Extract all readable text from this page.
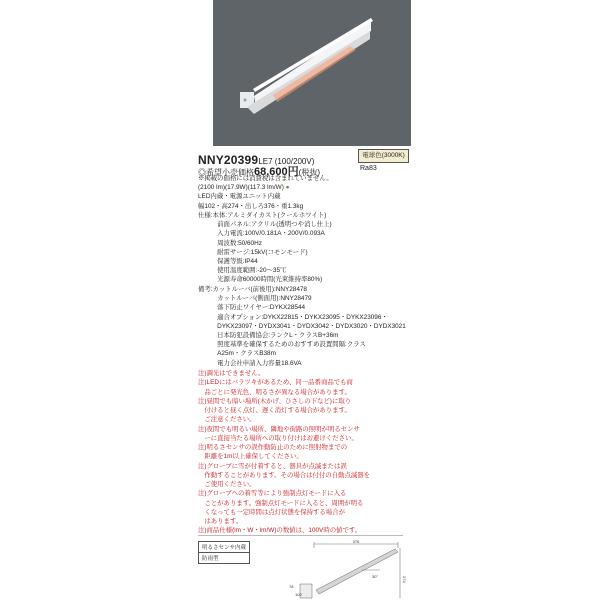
NNY20399LE7 (100/200V)
電球色(3000K)
Ra83
◎希望小売価格68,600円(税抜)
※掲載の価格には消費税は含まれていません。
(2100 lm)(17.9W)(117.3 lm/W) ●
LED内蔵・電源ユニット内蔵
幅102・高274・出しろ376・重1.3kg
仕様:本体:アルミダイカスト(クールホワイト)
　　　前面パネル:アクリル(透明つや消し仕上)
　　　入力電流:100V/0.181A・200V/0.093A
　　　周波数:50/60Hz
　　　耐雷サージ:15kV(コモンモード)
　　　保護等級:IP44
　　　使用温度範囲:-20～35℃
　　　光源寿命60000時間(光束維持率80%)
備考:カットルーバ(前後用):NNY28478
　　　カットルーバ(側面用):NNY28479
　　　落下防止ワイヤー:DYKX28544
　　　適合オプション:DYKX22815・DYKX23095・DYKX23096・
　　　DYKX23097・DYDX3041・DYDX3042・DYDX3020・DYDX3021
　　　日本防犯設備協会:ランクL・クラスB+36m
　　　照度基準を確保するためのおすすめ設置間隔:クラス
　　　A25m・クラスB38m
　　　電力会社申請入力容量18.6VA
注)調光はできません。
注)LEDにはバラツキがあるため、同一品番商品でも商
　品ごとに発光色、明るさが異なる場合があります。
注)昼間でも暗い場所(木かげ、ひさしの下など)に取り
　付けると昼く点灯、遅く消灯する場合があります。
　ご注意ください。
注)夜間でも明るい場所、隣地や街路の照明が明るセンサ
　ーに直接当たる場所への取り付けはお避けください。
注)明るさセンサの誤作動防止のために照射物までの
　距離を1m以上確保してください。
注)グローブに雪が付着すると、器具が点滅または誤
　作動することがあります。その場合は付付の自動点滅器を
　ご使用ください。
注)グローブへの着雪等により強制点灯モードに入る
　ことがあります。強制点灯モードに入ると、周囲が明る
　くなっても一定時間は点灯状態を保持する場合が
　はあります。
注)商品仕様(lm・W・lm/W)の数値は、100V時の値です。
明るさセンサ内蔵
防雨型
376
30°	274
78
102
